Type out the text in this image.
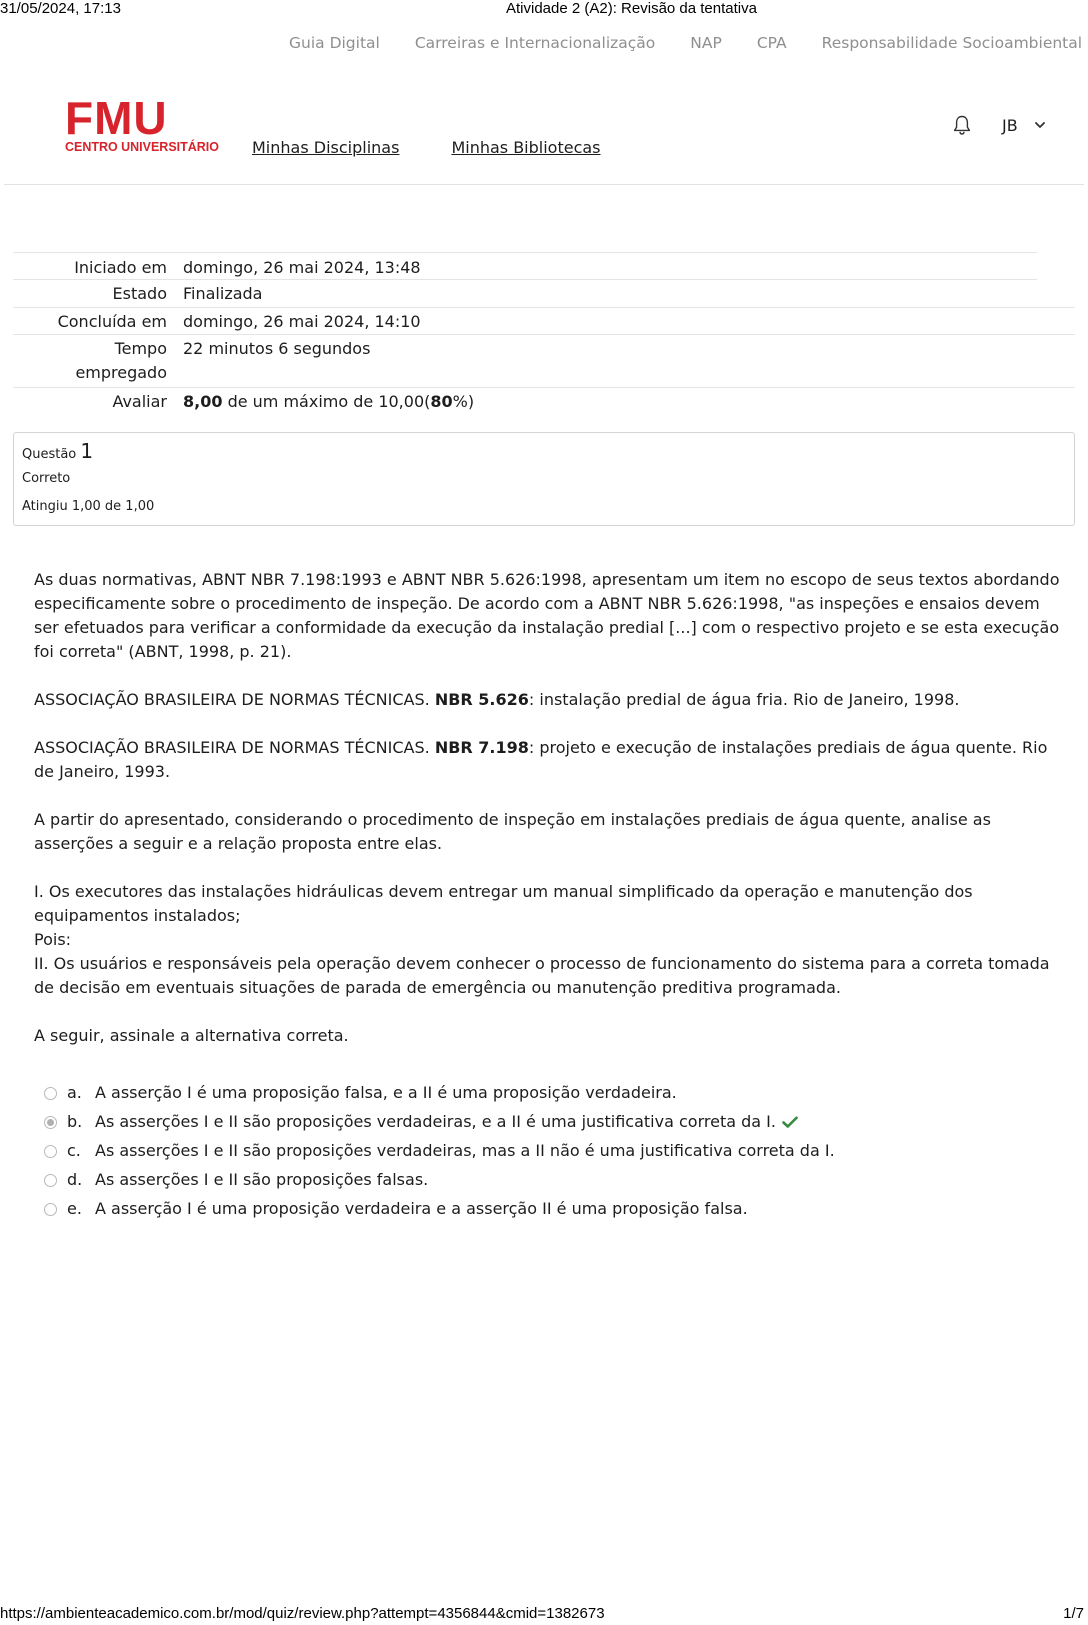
31/05/2024, 17:13	Atividade 2 (A2): Revisão da tentativa
Guia Digital Carreiras e Internacionalização NAP CPA Responsabilidade Socioambiental
FMU
CENTRO UNIVERSITÁRIO Minhas Disciplinas	Minhas Bibliotecas
JB
Iniciado em domingo, 26 mai 2024, 13:48
Estado Finalizada
Concluída em domingo, 26 mai 2024, 14:10
Tempo
empregado
22 minutos 6 segundos
Avaliar 8,00 de um máximo de 10,00(80%)
Questão 1
Correto
Atingiu 1,00 de 1,00

As duas normativas, ABNT NBR 7.198:1993 e ABNT NBR 5.626:1998, apresentam um item no escopo de seus textos abordando especificamente sobre o procedimento de inspeção. De acordo com a ABNT NBR 5.626:1998, "as inspeções e ensaios devem ser efetuados para verificar a conformidade da execução da instalação predial [...] com o respectivo projeto e se esta execução foi correta" (ABNT, 1998, p. 21).

ASSOCIAÇÃO BRASILEIRA DE NORMAS TÉCNICAS. NBR 5.626: instalação predial de água fria. Rio de Janeiro, 1998.

ASSOCIAÇÃO BRASILEIRA DE NORMAS TÉCNICAS. NBR 7.198: projeto e execução de instalações prediais de água quente. Rio de Janeiro, 1993.

A partir do apresentado, considerando o procedimento de inspeção em instalações prediais de água quente, analise as asserções a seguir e a relação proposta entre elas.

I. Os executores das instalações hidráulicas devem entregar um manual simplificado da operação e manutenção dos equipamentos instalados;

Pois:

II. Os usuários e responsáveis pela operação devem conhecer o processo de funcionamento do sistema para a correta tomada de decisão em eventuais situações de parada de emergência ou manutenção preditiva programada.

A seguir, assinale a alternativa correta.

a. A asserção I é uma proposição falsa, e a II é uma proposição verdadeira.
b. As asserções I e II são proposições verdadeiras, e a II é uma justificativa correta da I.
c. As asserções I e II são proposições verdadeiras, mas a II não é uma justificativa correta da I.
d. As asserções I e II são proposições falsas.
e. A asserção I é uma proposição verdadeira e a asserção II é uma proposição falsa.
https://ambienteacademico.com.br/mod/quiz/review.php?attempt=4356844&cmid=1382673	1/7
